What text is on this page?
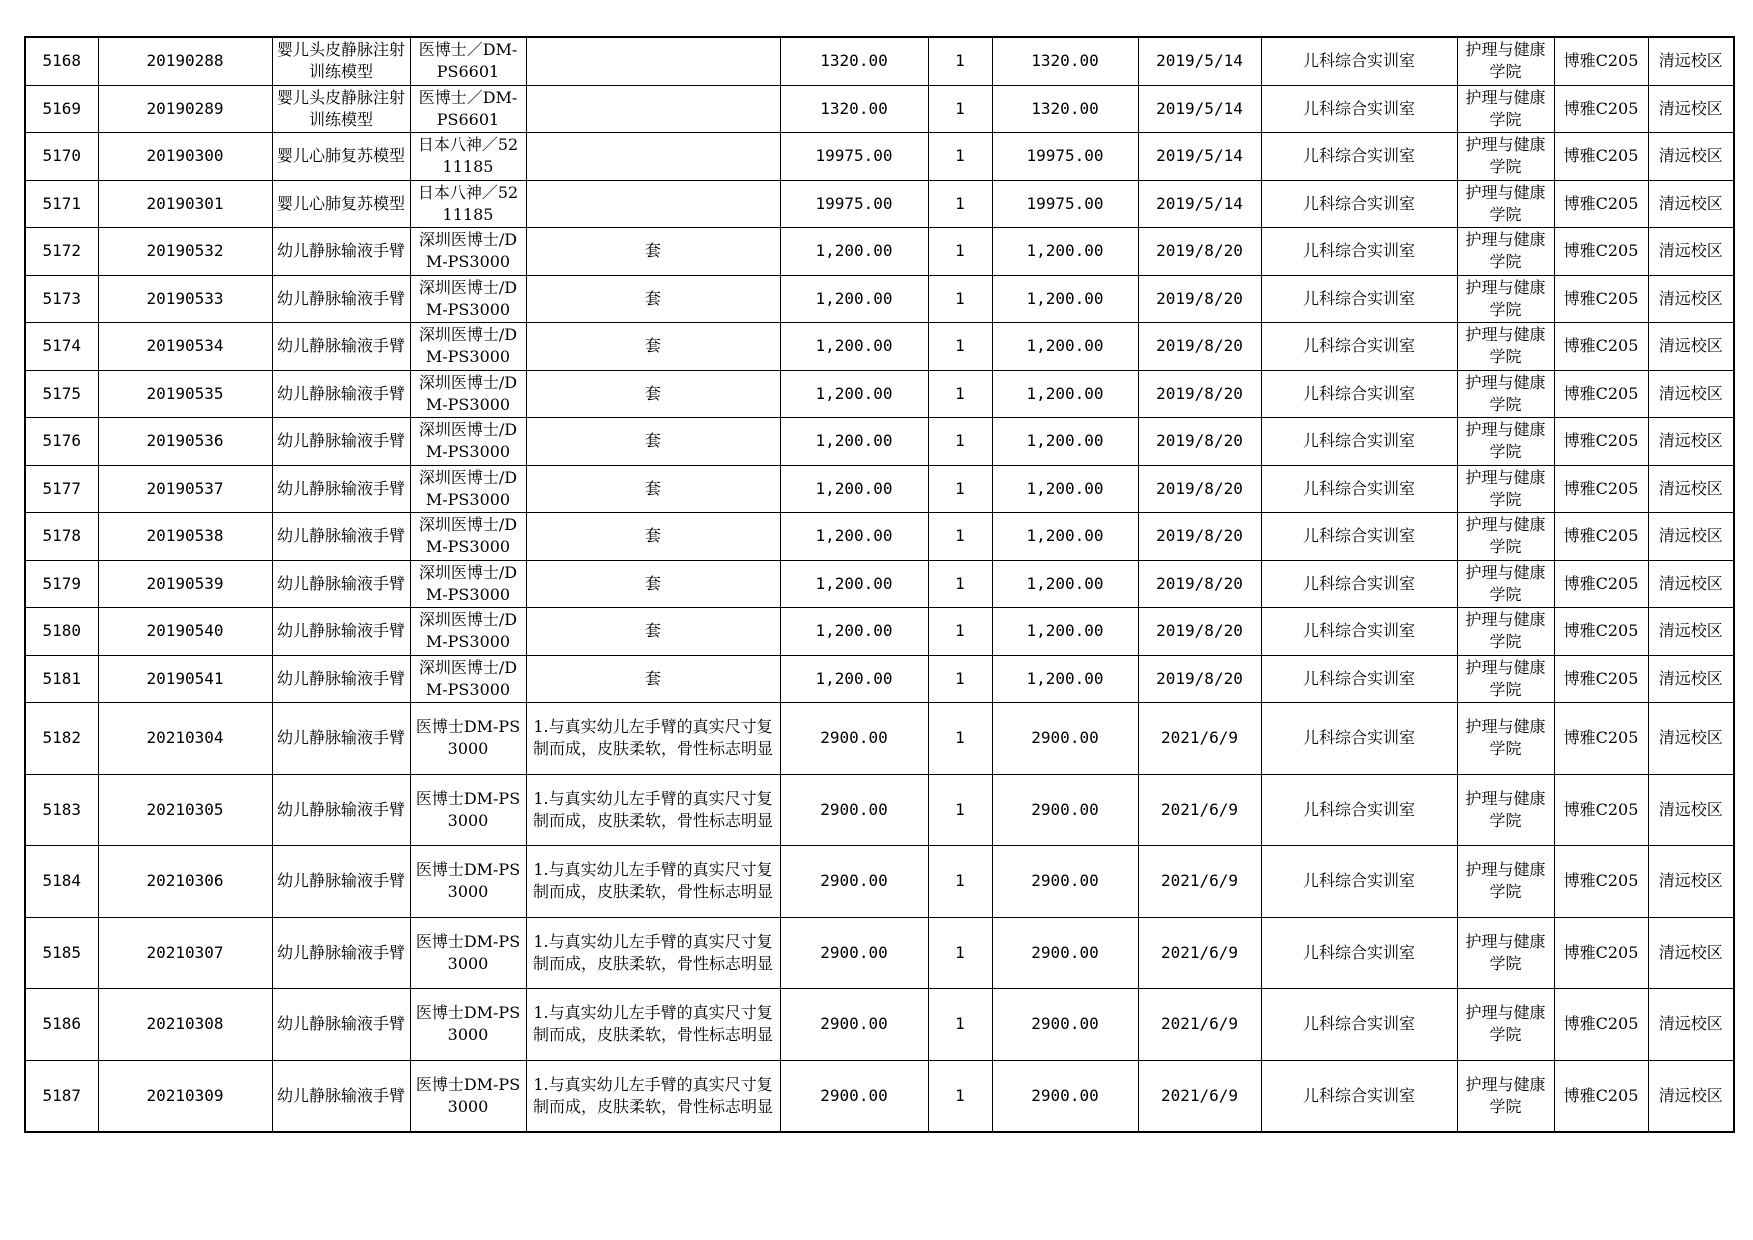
5168	20190288	婴儿头皮静脉注射训练模型	医博士／DM-PS6601		1320.00	1	1320.00	2019/5/14	儿科综合实训室	护理与健康学院	博雅C205	清远校区
5169	20190289	婴儿头皮静脉注射训练模型	医博士／DM-PS6601		1320.00	1	1320.00	2019/5/14	儿科综合实训室	护理与健康学院	博雅C205	清远校区
5170	20190300	婴儿心肺复苏模型	日本八神／5211185		19975.00	1	19975.00	2019/5/14	儿科综合实训室	护理与健康学院	博雅C205	清远校区
5171	20190301	婴儿心肺复苏模型	日本八神／5211185		19975.00	1	19975.00	2019/5/14	儿科综合实训室	护理与健康学院	博雅C205	清远校区
5172	20190532	幼儿静脉输液手臂	深圳医博士/DM-PS3000	套	1,200.00	1	1,200.00	2019/8/20	儿科综合实训室	护理与健康学院	博雅C205	清远校区
5173	20190533	幼儿静脉输液手臂	深圳医博士/DM-PS3000	套	1,200.00	1	1,200.00	2019/8/20	儿科综合实训室	护理与健康学院	博雅C205	清远校区
5174	20190534	幼儿静脉输液手臂	深圳医博士/DM-PS3000	套	1,200.00	1	1,200.00	2019/8/20	儿科综合实训室	护理与健康学院	博雅C205	清远校区
5175	20190535	幼儿静脉输液手臂	深圳医博士/DM-PS3000	套	1,200.00	1	1,200.00	2019/8/20	儿科综合实训室	护理与健康学院	博雅C205	清远校区
5176	20190536	幼儿静脉输液手臂	深圳医博士/DM-PS3000	套	1,200.00	1	1,200.00	2019/8/20	儿科综合实训室	护理与健康学院	博雅C205	清远校区
5177	20190537	幼儿静脉输液手臂	深圳医博士/DM-PS3000	套	1,200.00	1	1,200.00	2019/8/20	儿科综合实训室	护理与健康学院	博雅C205	清远校区
5178	20190538	幼儿静脉输液手臂	深圳医博士/DM-PS3000	套	1,200.00	1	1,200.00	2019/8/20	儿科综合实训室	护理与健康学院	博雅C205	清远校区
5179	20190539	幼儿静脉输液手臂	深圳医博士/DM-PS3000	套	1,200.00	1	1,200.00	2019/8/20	儿科综合实训室	护理与健康学院	博雅C205	清远校区
5180	20190540	幼儿静脉输液手臂	深圳医博士/DM-PS3000	套	1,200.00	1	1,200.00	2019/8/20	儿科综合实训室	护理与健康学院	博雅C205	清远校区
5181	20190541	幼儿静脉输液手臂	深圳医博士/DM-PS3000	套	1,200.00	1	1,200.00	2019/8/20	儿科综合实训室	护理与健康学院	博雅C205	清远校区
5182	20210304	幼儿静脉输液手臂	医博士DM-PS3000	1.与真实幼儿左手臂的真实尺寸复制而成，皮肤柔软，骨性标志明显	2900.00	1	2900.00	2021/6/9	儿科综合实训室	护理与健康学院	博雅C205	清远校区
5183	20210305	幼儿静脉输液手臂	医博士DM-PS3000	1.与真实幼儿左手臂的真实尺寸复制而成，皮肤柔软，骨性标志明显	2900.00	1	2900.00	2021/6/9	儿科综合实训室	护理与健康学院	博雅C205	清远校区
5184	20210306	幼儿静脉输液手臂	医博士DM-PS3000	1.与真实幼儿左手臂的真实尺寸复制而成，皮肤柔软，骨性标志明显	2900.00	1	2900.00	2021/6/9	儿科综合实训室	护理与健康学院	博雅C205	清远校区
5185	20210307	幼儿静脉输液手臂	医博士DM-PS3000	1.与真实幼儿左手臂的真实尺寸复制而成，皮肤柔软，骨性标志明显	2900.00	1	2900.00	2021/6/9	儿科综合实训室	护理与健康学院	博雅C205	清远校区
5186	20210308	幼儿静脉输液手臂	医博士DM-PS3000	1.与真实幼儿左手臂的真实尺寸复制而成，皮肤柔软，骨性标志明显	2900.00	1	2900.00	2021/6/9	儿科综合实训室	护理与健康学院	博雅C205	清远校区
5187	20210309	幼儿静脉输液手臂	医博士DM-PS3000	1.与真实幼儿左手臂的真实尺寸复制而成，皮肤柔软，骨性标志明显	2900.00	1	2900.00	2021/6/9	儿科综合实训室	护理与健康学院	博雅C205	清远校区
